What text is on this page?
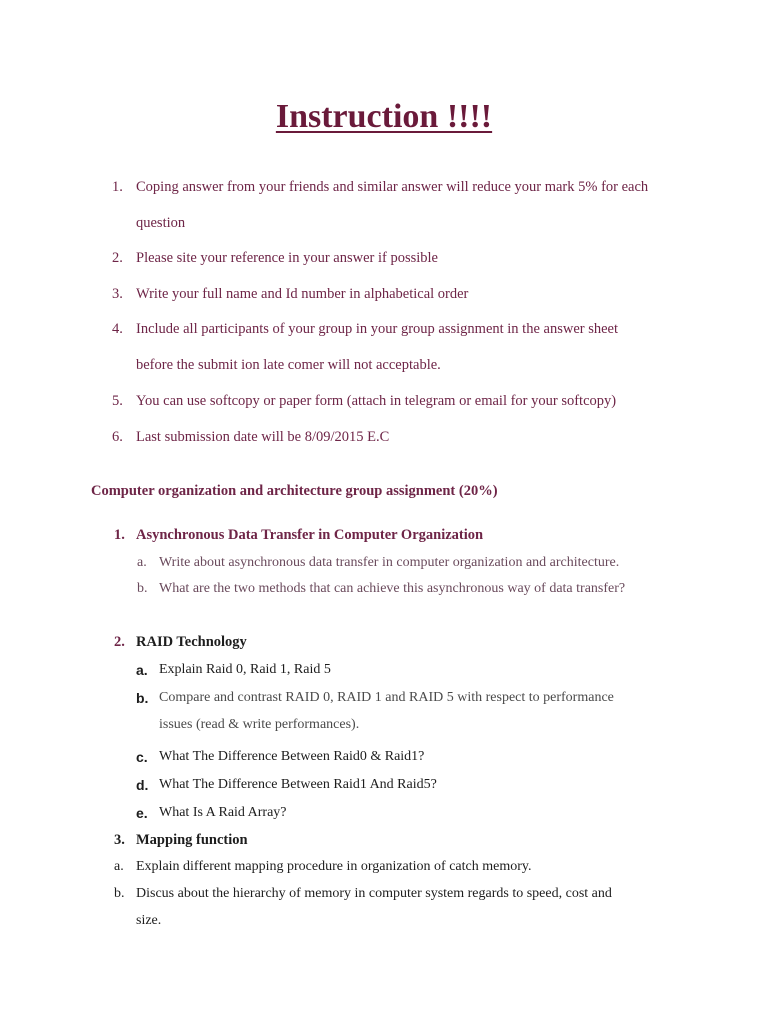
Instruction !!!!
1. Coping answer from your friends and similar answer will reduce your mark 5% for each
question
2. Please site your reference in your answer if possible
3. Write your full name and Id number in alphabetical order
4. Include all participants of your group in your group assignment in the answer sheet
before the submit ion late comer will not acceptable.
5. You can use softcopy or paper form (attach in telegram or email for your softcopy)
6. Last submission date will be 8/09/2015 E.C
Computer organization and architecture group assignment (20%)
1. Asynchronous Data Transfer in Computer Organization
a. Write about asynchronous data transfer in computer organization and architecture.
b. What are the two methods that can achieve this asynchronous way of data transfer?
2. RAID Technology
a. Explain Raid 0, Raid 1, Raid 5
b. Compare and contrast RAID 0, RAID 1 and RAID 5 with respect to performance
issues (read & write performances).
c. What The Difference Between Raid0 & Raid1?
d. What The Difference Between Raid1 And Raid5?
e. What Is A Raid Array?
3. Mapping function
a. Explain different mapping procedure in organization of catch memory.
b. Discus about the hierarchy of memory in computer system regards to speed, cost and
size.
